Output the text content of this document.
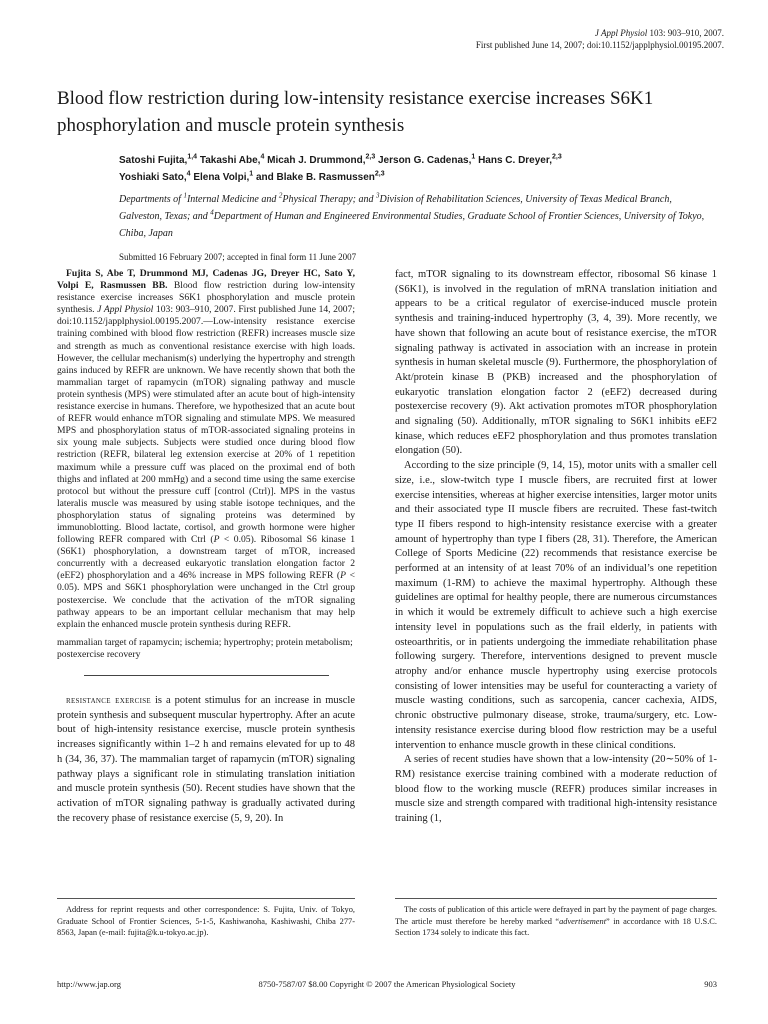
J Appl Physiol 103: 903–910, 2007.
First published June 14, 2007; doi:10.1152/japplphysiol.00195.2007.
Blood flow restriction during low-intensity resistance exercise increases S6K1 phosphorylation and muscle protein synthesis

Satoshi Fujita,$^{1,4}$ Takashi Abe,$^4$ Micah J. Drummond,$^{2,3}$ Jerson G. Cadenas,$^1$ Hans C. Dreyer,$^{2,3}$
Yoshiaki Sato,$^4$ Elena Volpi,$^1$ and Blake B. Rasmussen$^{2,3}$

Departments of $^1$Internal Medicine and $^2$Physical Therapy; and $^3$Division of Rehabilitation Sciences, University of Texas Medical Branch, Galveston, Texas; and $^4$Department of Human and Engineered Environmental Studies, Graduate School of Frontier Sciences, University of Tokyo, Chiba, Japan

Submitted 16 February 2007; accepted in final form 11 June 2007

Fujita S, Abe T, Drummond MJ, Cadenas JG, Dreyer HC, Sato Y, Volpi E, Rasmussen BB. Blood flow restriction during low-intensity resistance exercise increases S6K1 phosphorylation and muscle protein synthesis. J Appl Physiol 103: 903–910, 2007. First published June 14, 2007; doi:10.1152/japplphysiol.00195.2007.—Low-intensity resistance exercise training combined with blood flow restriction (REFR) increases muscle size and strength as much as conventional resistance exercise with high loads. However, the cellular mechanism(s) underlying the hypertrophy and strength gains induced by REFR are unknown. We have recently shown that both the mammalian target of rapamycin (mTOR) signaling pathway and muscle protein synthesis (MPS) were stimulated after an acute bout of high-intensity resistance exercise in humans. Therefore, we hypothesized that an acute bout of REFR would enhance mTOR signaling and stimulate MPS. We measured MPS and phosphorylation status of mTOR-associated signaling proteins in six young male subjects. Subjects were studied once during blood flow restriction (REFR, bilateral leg extension exercise at 20% of 1 repetition maximum while a pressure cuff was placed on the proximal end of both thighs and inflated at 200 mmHg) and a second time using the same exercise protocol but without the pressure cuff [control (Ctrl)]. MPS in the vastus lateralis muscle was measured by using stable isotope techniques, and the phosphorylation status of signaling proteins was determined by immunoblotting. Blood lactate, cortisol, and growth hormone were higher following REFR compared with Ctrl (P < 0.05). Ribosomal S6 kinase 1 (S6K1) phosphorylation, a downstream target of mTOR, increased concurrently with a decreased eukaryotic translation elongation factor 2 (eEF2) phosphorylation and a 46% increase in MPS following REFR (P < 0.05). MPS and S6K1 phosphorylation were unchanged in the Ctrl group postexercise. We conclude that the activation of the mTOR signaling pathway appears to be an important cellular mechanism that may help explain the enhanced muscle protein synthesis during REFR.

mammalian target of rapamycin; ischemia; hypertrophy; protein metabolism; postexercise recovery

resistance exercise is a potent stimulus for an increase in muscle protein synthesis and subsequent muscular hypertrophy. After an acute bout of high-intensity resistance exercise, muscle protein synthesis increases significantly within 1–2 h and remains elevated for up to 48 h (34, 36, 37). The mammalian target of rapamycin (mTOR) signaling pathway plays a significant role in stimulating translation initiation and muscle protein synthesis (50). Recent studies have shown that the activation of mTOR signaling pathway is gradually activated during the recovery phase of resistance exercise (5, 9, 20). In

fact, mTOR signaling to its downstream effector, ribosomal S6 kinase 1 (S6K1), is involved in the regulation of mRNA translation initiation and appears to be a critical regulator of exercise-induced muscle protein synthesis and training-induced hypertrophy (3, 4, 39). More recently, we have shown that following an acute bout of resistance exercise, the mTOR signaling pathway is activated in association with an increase in protein synthesis in human skeletal muscle (9). Furthermore, the phosphorylation of Akt/protein kinase B (PKB) increased and the phosphorylation of eukaryotic translation elongation factor 2 (eEF2) decreased during postexercise recovery (9). Akt activation promotes mTOR phosphorylation and signaling (50). Additionally, mTOR signaling to S6K1 inhibits eEF2 kinase, which reduces eEF2 phosphorylation and thus promotes translation elongation (50).

According to the size principle (9, 14, 15), motor units with a smaller cell size, i.e., slow-twitch type I muscle fibers, are recruited first at lower exercise intensities, whereas at higher exercise intensities, larger motor units and their associated type II muscle fibers are recruited. These fast-twitch type II fibers respond to high-intensity resistance exercise with a greater amount of hypertrophy than type I fibers (28, 31). Therefore, the American College of Sports Medicine (22) recommends that resistance exercise be performed at an intensity of at least 70% of an individual’s one repetition maximum (1-RM) to achieve the maximal hypertrophy. Although these guidelines are optimal for healthy people, there are numerous circumstances in which it would be extremely difficult to achieve such a high exercise intensity level in populations such as the frail elderly, in patients with osteoarthritis, or in patients undergoing the immediate rehabilitation phase following surgery. Therefore, interventions designed to prevent muscle atrophy and/or enhance muscle hypertrophy using exercise protocols consisting of lower intensities may be useful for counteracting a variety of muscle wasting conditions, such as sarcopenia, cancer cachexia, AIDS, chronic obstructive pulmonary disease, stroke, trauma/surgery, etc. Low-intensity resistance exercise during blood flow restriction may be a useful intervention to enhance muscle growth in these clinical conditions.

A series of recent studies have shown that a low-intensity (20∼50% of 1-RM) resistance exercise training combined with a moderate reduction of blood flow to the working muscle (REFR) produces similar increases in muscle size and strength compared with traditional high-intensity resistance training (1,

Address for reprint requests and other correspondence: S. Fujita, Univ. of Tokyo, Graduate School of Frontier Sciences, 5-1-5, Kashiwanoha, Kashiwashi, Chiba 277-8563, Japan (e-mail: fujita@k.u-tokyo.ac.jp).

The costs of publication of this article were defrayed in part by the payment of page charges. The article must therefore be hereby marked “advertisement” in accordance with 18 U.S.C. Section 1734 solely to indicate this fact.

http://www.jap.org	8750-7587/07 $8.00 Copyright © 2007 the American Physiological Society	903
